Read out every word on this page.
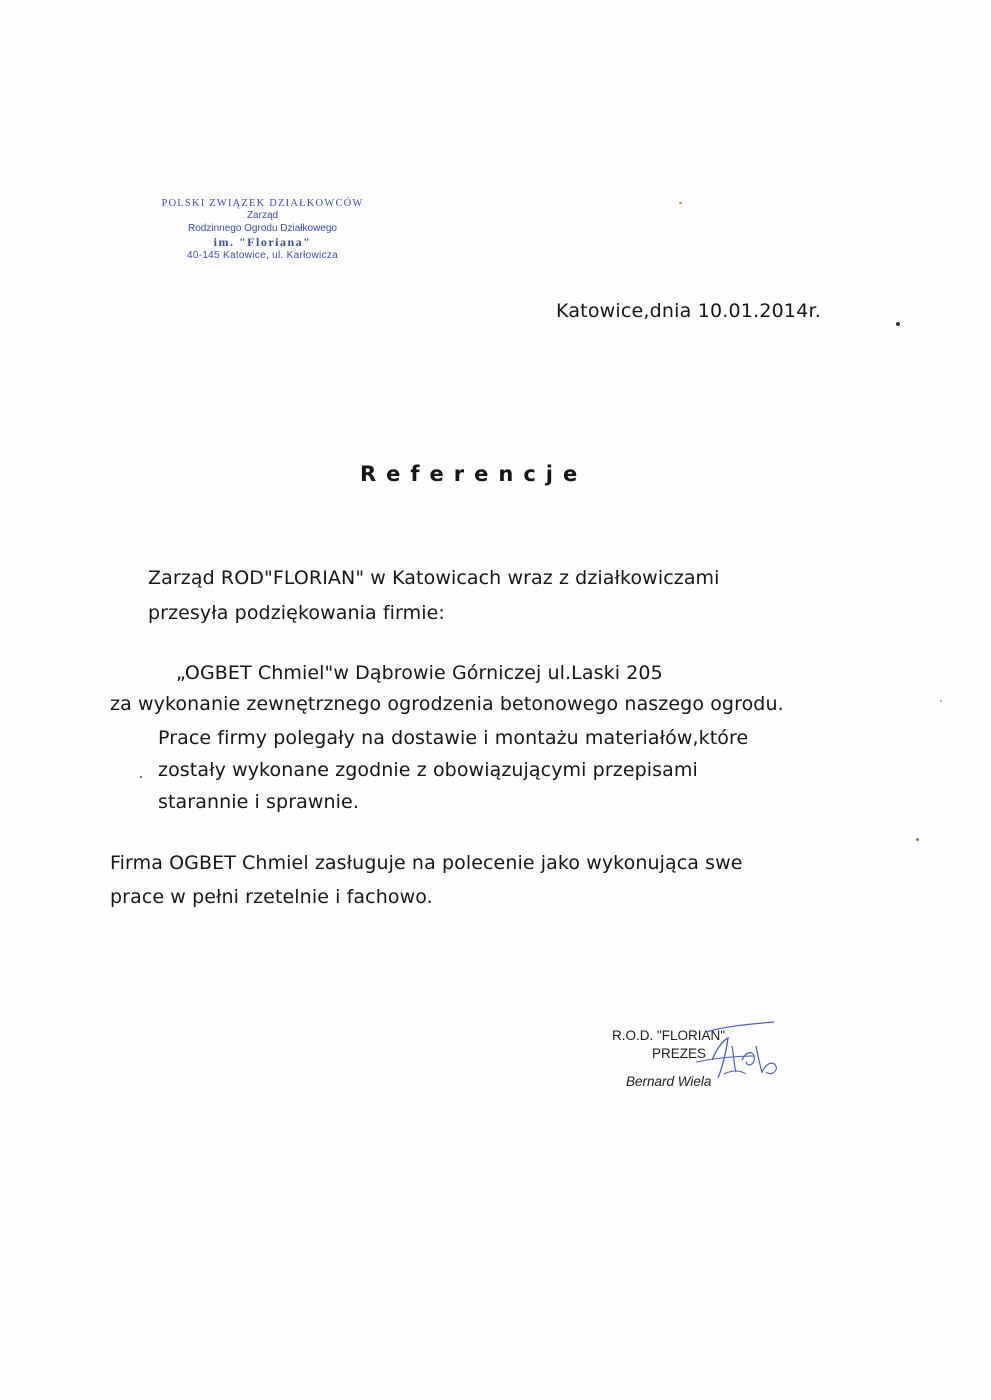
POLSKI ZWIĄZEK DZIAŁKOWCÓW
Zarząd
Rodzinnego Ogrodu Działkowego
im. "Floriana"
40-145 Katowice, ul. Karłowicza
Katowice,dnia 10.01.2014r.
Referencje
Zarząd ROD"FLORIAN" w Katowicach wraz z działkowiczami
przesyła podziękowania firmie:
„OGBET Chmiel"w Dąbrowie Górniczej ul.Laski 205
za wykonanie zewnętrznego ogrodzenia betonowego naszego ogrodu.
Prace firmy polegały na dostawie i montażu materiałów,które
zostały wykonane zgodnie z obowiązującymi przepisami
starannie i sprawnie.
Firma OGBET Chmiel zasługuje na polecenie jako wykonująca swe
prace w pełni rzetelnie i fachowo.
R.O.D. "FLORIAN"
PREZES
Bernard Wiela
